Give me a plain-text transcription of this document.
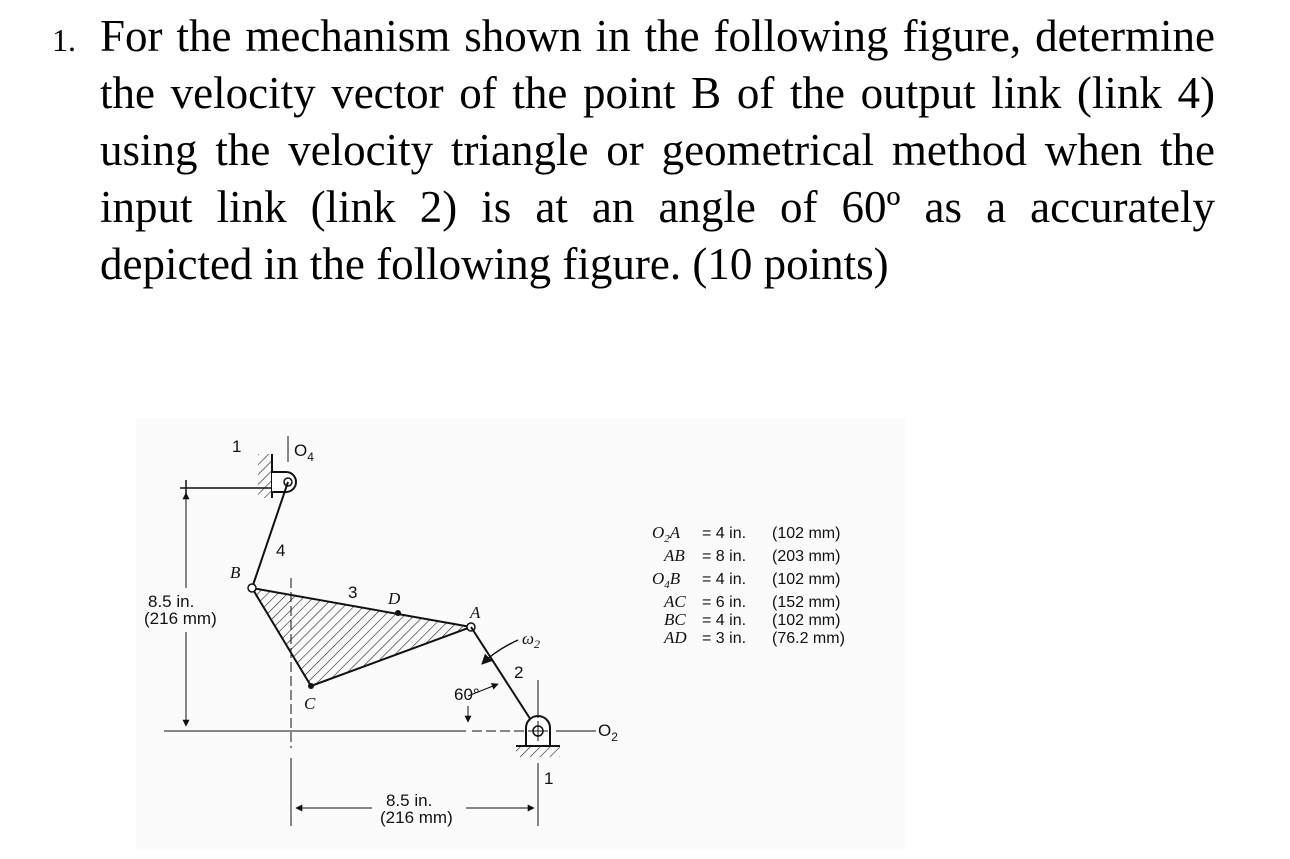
1. For the mechanism shown in the following figure, determine the velocity vector of the point B of the output link (link 4) using the velocity triangle or geometrical method when the input link (link 2) is at an angle of 60º as a accurately depicted in the following figure. (10 points)

1	$O_4$
4
B
3 D
A
C
$\omega_2$
2
60°
$O_2$
1
8.5 in.
(216 mm)
8.5 in.
(216 mm)
$O_2A = 4$ in. (102 mm)
AB = 8 in. (203 mm)
$O_4B = 4$ in. (102 mm)
AC = 6 in. (152 mm)
BC = 4 in. (102 mm)
AD = 3 in. (76.2 mm)
